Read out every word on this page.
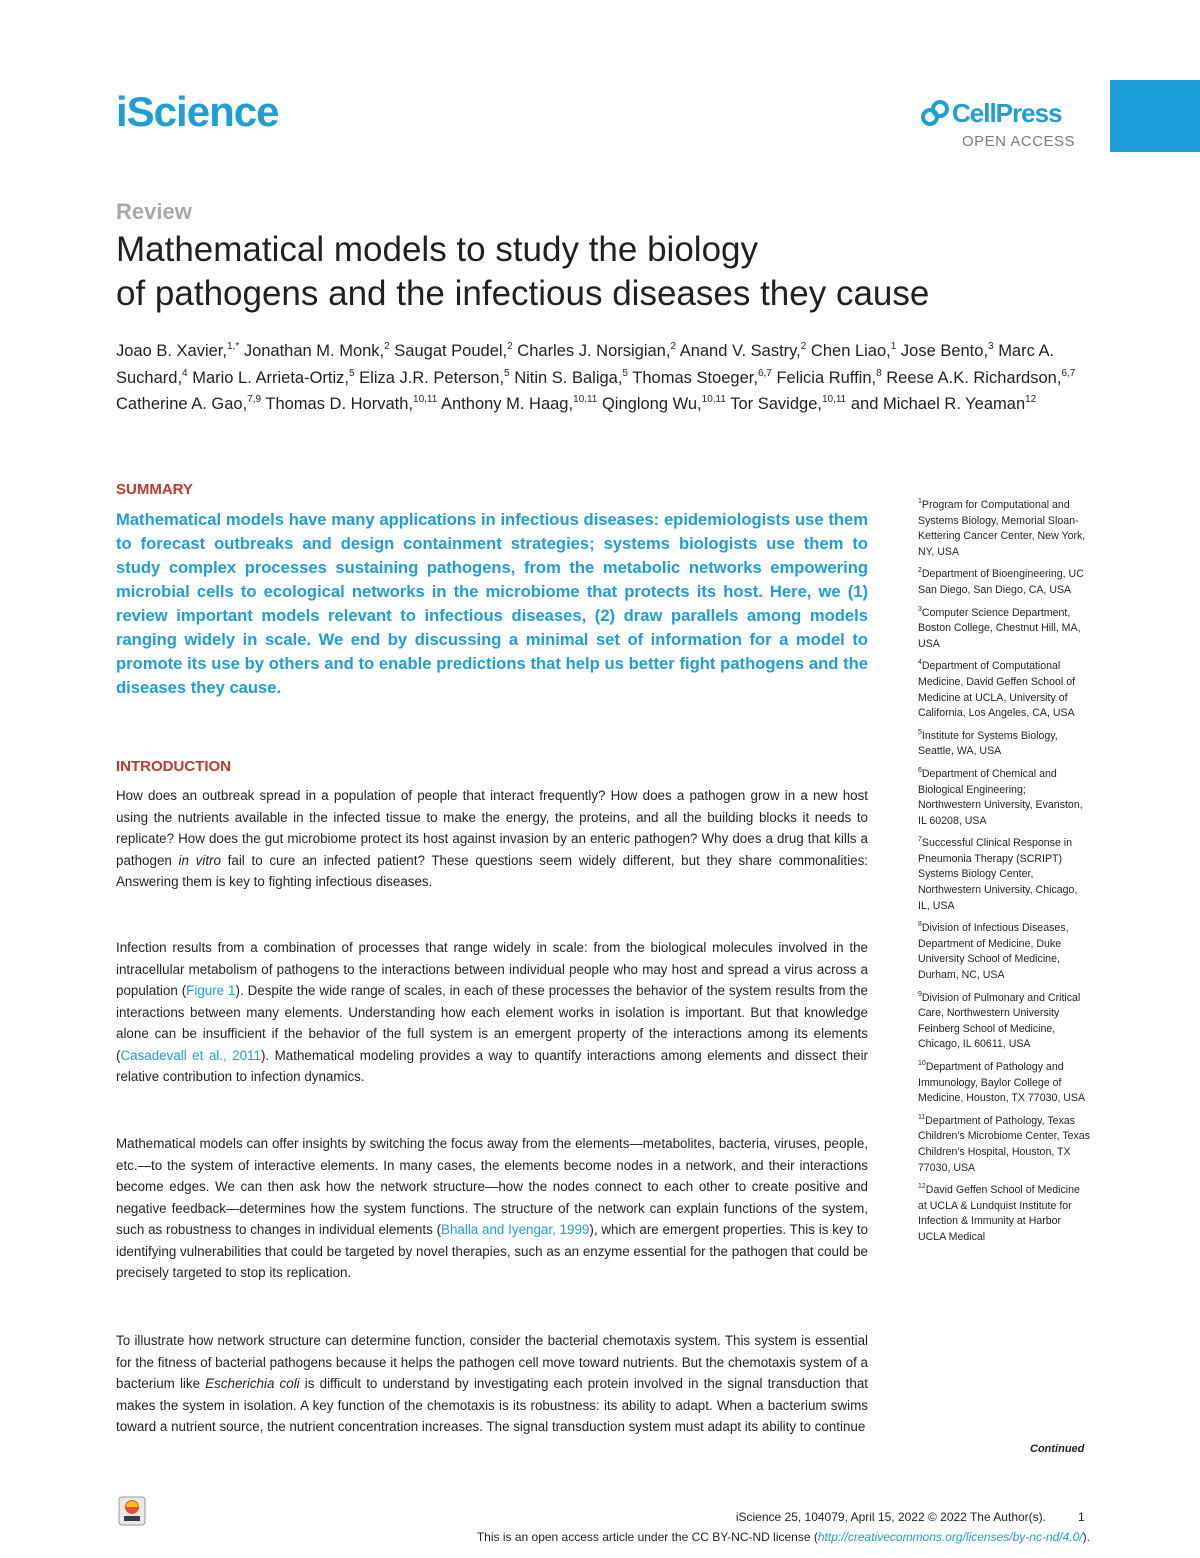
iScience	CellPress
OPEN ACCESS
Review
Mathematical models to study the biology
of pathogens and the infectious diseases they cause
Joao B. Xavier,$^{1,*}$ Jonathan M. Monk,$^2$ Saugat Poudel,$^2$ Charles J. Norsigian,$^2$ Anand V. Sastry,$^2$ Chen Liao,$^1$ Jose Bento,$^3$ Marc A. Suchard,$^4$ Mario L. Arrieta-Ortiz,$^5$ Eliza J.R. Peterson,$^5$ Nitin S. Baliga,$^5$ Thomas Stoeger,$^{6,7}$ Felicia Ruffin,$^8$ Reese A.K. Richardson,$^{6,7}$ Catherine A. Gao,$^{7,9}$ Thomas D. Horvath,$^{10,11}$ Anthony M. Haag,$^{10,11}$ Qinglong Wu,$^{10,11}$ Tor Savidge,$^{10,11}$ and Michael R. Yeaman$^{12}$
SUMMARY
Mathematical models have many applications in infectious diseases: epidemiologists use them to forecast outbreaks and design containment strategies; systems biologists use them to study complex processes sustaining pathogens, from the metabolic networks empowering microbial cells to ecological networks in the microbiome that protects its host. Here, we (1) review important models relevant to infectious diseases, (2) draw parallels among models ranging widely in scale. We end by discussing a minimal set of information for a model to promote its use by others and to enable predictions that help us better fight pathogens and the diseases they cause.
INTRODUCTION
How does an outbreak spread in a population of people that interact frequently? How does a pathogen grow in a new host using the nutrients available in the infected tissue to make the energy, the proteins, and all the building blocks it needs to replicate? How does the gut microbiome protect its host against invasion by an enteric pathogen? Why does a drug that kills a pathogen in vitro fail to cure an infected patient? These questions seem widely different, but they share commonalities: Answering them is key to fighting infectious diseases.
Infection results from a combination of processes that range widely in scale: from the biological molecules involved in the intracellular metabolism of pathogens to the interactions between individual people who may host and spread a virus across a population (Figure 1). Despite the wide range of scales, in each of these processes the behavior of the system results from the interactions between many elements. Understanding how each element works in isolation is important. But that knowledge alone can be insufficient if the behavior of the full system is an emergent property of the interactions among its elements (Casadevall et al., 2011). Mathematical modeling provides a way to quantify interactions among elements and dissect their relative contribution to infection dynamics.
Mathematical models can offer insights by switching the focus away from the elements—metabolites, bacteria, viruses, people, etc.—to the system of interactive elements. In many cases, the elements become nodes in a network, and their interactions become edges. We can then ask how the network structure—how the nodes connect to each other to create positive and negative feedback—determines how the system functions. The structure of the network can explain functions of the system, such as robustness to changes in individual elements (Bhalla and Iyengar, 1999), which are emergent properties. This is key to identifying vulnerabilities that could be targeted by novel therapies, such as an enzyme essential for the pathogen that could be precisely targeted to stop its replication.
To illustrate how network structure can determine function, consider the bacterial chemotaxis system. This system is essential for the fitness of bacterial pathogens because it helps the pathogen cell move toward nutrients. But the chemotaxis system of a bacterium like Escherichia coli is difficult to understand by investigating each protein involved in the signal transduction that makes the system in isolation. A key function of the chemotaxis is its robustness: its ability to adapt. When a bacterium swims toward a nutrient source, the nutrient concentration increases. The signal transduction system must adapt its ability to continue
$^1$Program for Computational and Systems Biology, Memorial Sloan-Kettering Cancer Center, New York, NY, USA
$^2$Department of Bioengineering, UC San Diego, San Diego, CA, USA
$^3$Computer Science Department, Boston College, Chestnut Hill, MA, USA
$^4$Department of Computational Medicine, David Geffen School of Medicine at UCLA, University of California, Los Angeles, CA, USA
$^5$Institute for Systems Biology, Seattle, WA, USA
$^6$Department of Chemical and Biological Engineering; Northwestern University, Evanston, IL 60208, USA
$^7$Successful Clinical Response in Pneumonia Therapy (SCRIPT) Systems Biology Center, Northwestern University, Chicago, IL, USA
$^8$Division of Infectious Diseases, Department of Medicine, Duke University School of Medicine, Durham, NC, USA
$^9$Division of Pulmonary and Critical Care, Northwestern University Feinberg School of Medicine, Chicago, IL 60611, USA
$^{10}$Department of Pathology and Immunology, Baylor College of Medicine, Houston, TX 77030, USA
$^{11}$Department of Pathology, Texas Children's Microbiome Center, Texas Children's Hospital, Houston, TX 77030, USA
$^{12}$David Geffen School of Medicine at UCLA & Lundquist Institute for Infection & Immunity at Harbor UCLA Medical
Continued
iScience 25, 104079, April 15, 2022 © 2022 The Author(s).	1
This is an open access article under the CC BY-NC-ND license (http://creativecommons.org/licenses/by-nc-nd/4.0/).
